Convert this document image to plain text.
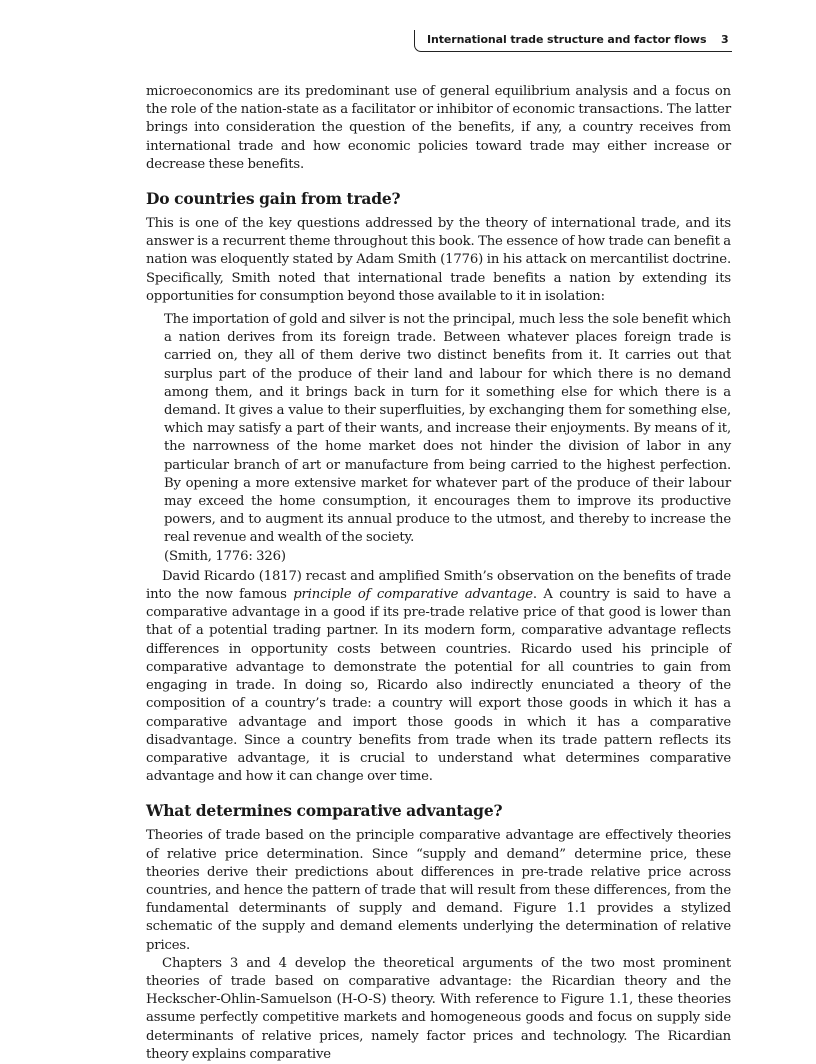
International trade structure and factor flows 3

microeconomics are its predominant use of general equilibrium analysis and a focus on the role of the nation-state as a facilitator or inhibitor of economic transactions. The latter brings into consideration the question of the benefits, if any, a country receives from international trade and how economic policies toward trade may either increase or decrease these benefits.

Do countries gain from trade?

This is one of the key questions addressed by the theory of international trade, and its answer is a recurrent theme throughout this book. The essence of how trade can benefit a nation was eloquently stated by Adam Smith (1776) in his attack on mercantilist doctrine. Specifically, Smith noted that international trade benefits a nation by extending its opportunities for consumption beyond those available to it in isolation:

The importation of gold and silver is not the principal, much less the sole benefit which a nation derives from its foreign trade. Between whatever places foreign trade is carried on, they all of them derive two distinct benefits from it. It carries out that surplus part of the produce of their land and labour for which there is no demand among them, and it brings back in turn for it something else for which there is a demand. It gives a value to their superfluities, by exchanging them for something else, which may satisfy a part of their wants, and increase their enjoyments. By means of it, the narrowness of the home market does not hinder the division of labor in any particular branch of art or manufacture from being carried to the highest perfection. By opening a more extensive market for whatever part of the produce of their labour may exceed the home consumption, it encourages them to improve its productive powers, and to augment its annual produce to the utmost, and thereby to increase the real revenue and wealth of the society.

(Smith, 1776: 326)

David Ricardo (1817) recast and amplified Smith’s observation on the benefits of trade into the now famous principle of comparative advantage. A country is said to have a comparative advantage in a good if its pre-trade relative price of that good is lower than that of a potential trading partner. In its modern form, comparative advantage reflects differences in opportunity costs between countries. Ricardo used his principle of comparative advantage to demonstrate the potential for all countries to gain from engaging in trade. In doing so, Ricardo also indirectly enunciated a theory of the composition of a country’s trade: a country will export those goods in which it has a comparative advantage and import those goods in which it has a comparative disadvantage. Since a country benefits from trade when its trade pattern reflects its comparative advantage, it is crucial to understand what determines comparative advantage and how it can change over time.

What determines comparative advantage?

Theories of trade based on the principle comparative advantage are effectively theories of relative price determination. Since “supply and demand” determine price, these theories derive their predictions about differences in pre-trade relative price across countries, and hence the pattern of trade that will result from these differences, from the fundamental determinants of supply and demand. Figure 1.1 provides a stylized schematic of the supply and demand elements underlying the determination of relative prices.

Chapters 3 and 4 develop the theoretical arguments of the two most prominent theories of trade based on comparative advantage: the Ricardian theory and the Heckscher-Ohlin-Samuelson (H-O-S) theory. With reference to Figure 1.1, these theories assume perfectly competitive markets and homogeneous goods and focus on supply side determinants of relative prices, namely factor prices and technology. The Ricardian theory explains comparative
